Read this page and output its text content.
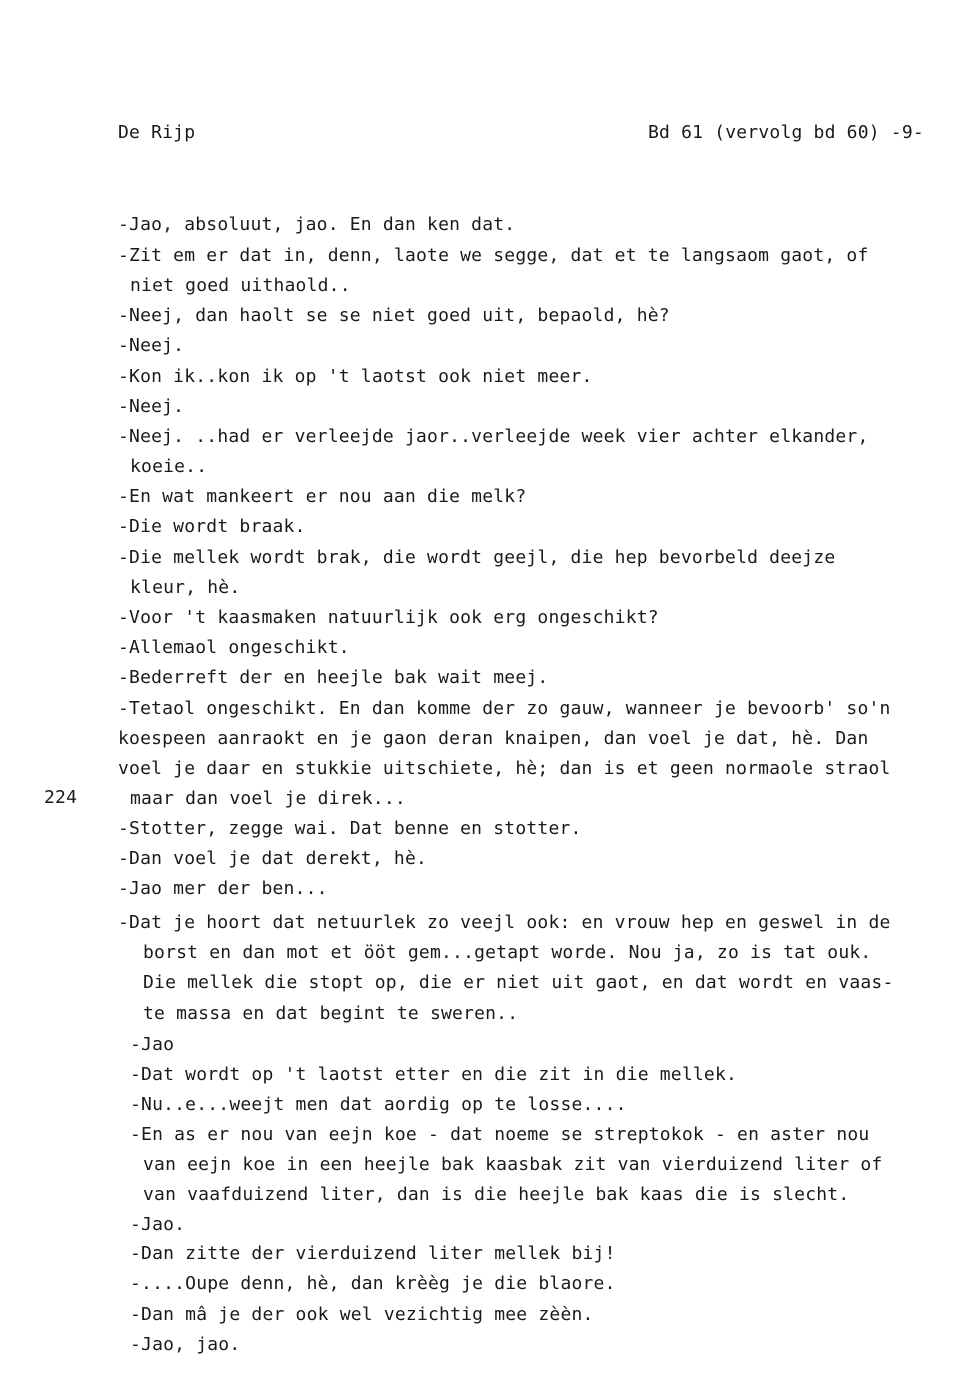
De Rijp	Bd 61 (vervolg bd 60) -9-
224
-Jao, absoluut, jao. En dan ken dat.
-Zit em er dat in, denn, laote we segge, dat et te langsaom gaot, of
niet goed uithaold..
-Neej, dan haolt se se niet goed uit, bepaold, hè?
-Neej.
-Kon ik..kon ik op 't laotst ook niet meer.
-Neej.
-Neej. ..had er verleejde jaor..verleejde week vier achter elkander,
koeie..
-En wat mankeert er nou aan die melk?
-Die wordt braak.
-Die mellek wordt brak, die wordt geejl, die hep bevorbeld deejze
kleur, hè.
-Voor 't kaasmaken natuurlijk ook erg ongeschikt?
-Allemaol ongeschikt.
-Bederreft der en heejle bak wait meej.
-Tetaol ongeschikt. En dan komme der zo gauw, wanneer je bevoorb' so'n
koespeen aanraokt en je gaon deran knaipen, dan voel je dat, hè. Dan
voel je daar en stukkie uitschiete, hè; dan is et geen normaole straol
maar dan voel je direk...
-Stotter, zegge wai. Dat benne en stotter.
-Dan voel je dat derekt, hè.
-Jao mer der ben...
-Dat je hoort dat netuurlek zo veejl ook: en vrouw hep en geswel in de
borst en dan mot et ööt gem...getapt worde. Nou ja, zo is tat ouk.
Die mellek die stopt op, die er niet uit gaot, en dat wordt en vaas-
te massa en dat begint te sweren..
-Jao
-Dat wordt op 't laotst etter en die zit in die mellek.
-Nu..e...weejt men dat aordig op te losse....
-En as er nou van eejn koe - dat noeme se streptokok - en aster nou
van eejn koe in een heejle bak kaasbak zit van vierduizend liter of
van vaafduizend liter, dan is die heejle bak kaas die is slecht.
-Jao.
-Dan zitte der vierduizend liter mellek bij!
-....Oupe denn, hè, dan krèèg je die blaore.
-Dan mâ je der ook wel vezichtig mee zèèn.
-Jao, jao.
